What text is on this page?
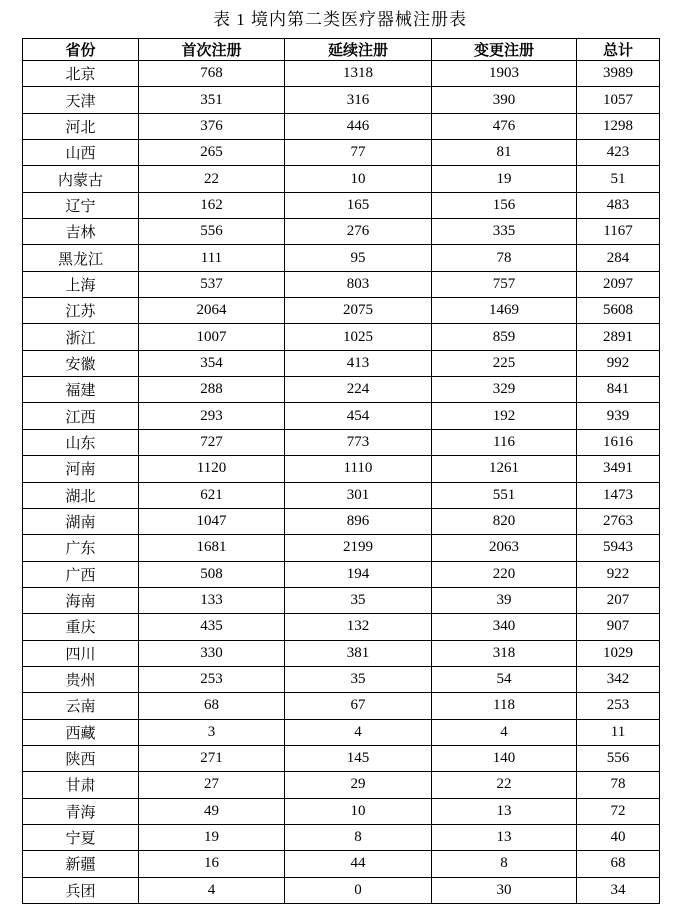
表 1 境内第二类医疗器械注册表
省份	首次注册	延续注册	变更注册	总计
北京	768	1318	1903	3989
天津	351	316	390	1057
河北	376	446	476	1298
山西	265	77	81	423
内蒙古	22	10	19	51
辽宁	162	165	156	483
吉林	556	276	335	1167
黑龙江	111	95	78	284
上海	537	803	757	2097
江苏	2064	2075	1469	5608
浙江	1007	1025	859	2891
安徽	354	413	225	992
福建	288	224	329	841
江西	293	454	192	939
山东	727	773	116	1616
河南	1120	1110	1261	3491
湖北	621	301	551	1473
湖南	1047	896	820	2763
广东	1681	2199	2063	5943
广西	508	194	220	922
海南	133	35	39	207
重庆	435	132	340	907
四川	330	381	318	1029
贵州	253	35	54	342
云南	68	67	118	253
西藏	3	4	4	11
陕西	271	145	140	556
甘肃	27	29	22	78
青海	49	10	13	72
宁夏	19	8	13	40
新疆	16	44	8	68
兵团	4	0	30	34
